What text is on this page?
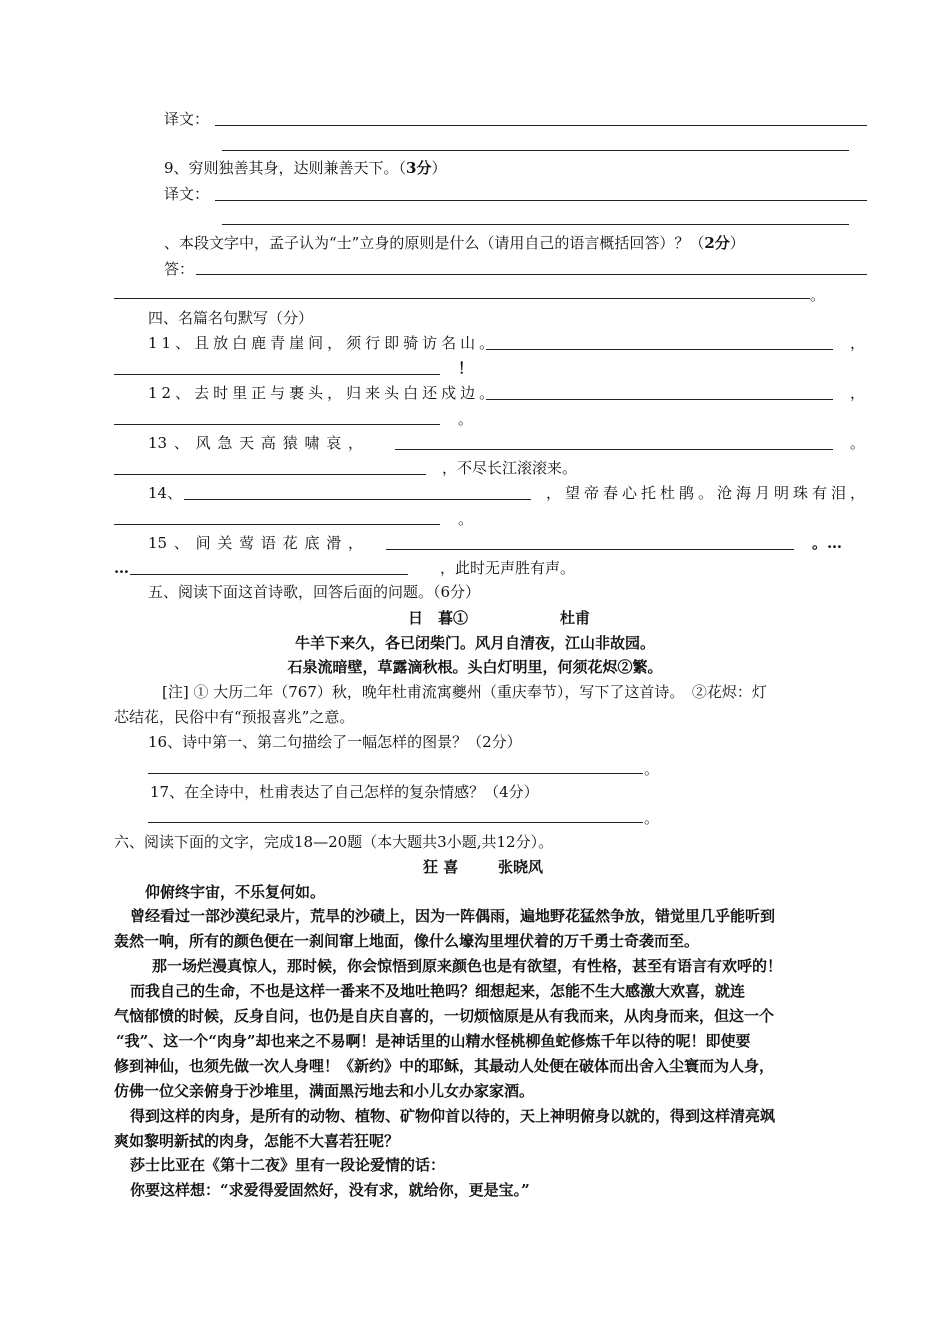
译文：
9、穷则独善其身，达则兼善天下。（3分）
译文：
、本段文字中，孟子认为“士”立身的原则是什么（请用自己的语言概括回答）？（2分）
答：
。
四、名篇名句默写（分）
11、且放白鹿青崖间，须行即骑访名山。	，
！
12、去时里正与裹头，归来头白还戍边。	，
。
13 、 风 急 天 高 猿 啸 哀 ，	。
，不尽长江滚滚来。
14、	，望帝春心托杜鹃。沧海月明珠有泪，
。
15 、 间 关 莺 语 花 底 滑 ，	。…
…	，此时无声胜有声。
五、阅读下面这首诗歌，回答后面的问题。（6分）
日　暮①	杜甫
牛羊下来久，各已闭柴门。风月自清夜，江山非故园。
石泉流暗壁，草露滴秋根。头白灯明里，何须花烬②繁。
[注] ① 大历二年（767）秋，晚年杜甫流寓夔州（重庆奉节），写下了这首诗。　②花烬：灯
芯结花，民俗中有“预报喜兆”之意。
16、诗中第一、第二句描绘了一幅怎样的图景？（2分）
。
17、在全诗中，杜甫表达了自己怎样的复杂情感？（4分）
。
六、阅读下面的文字，完成18—20题（本大题共3小题,共12分）。
狂 喜	张晓风
仰俯终宇宙，不乐复何如。
曾经看过一部沙漠纪录片，荒旱的沙碛上，因为一阵偶雨，遍地野花猛然争放，错觉里几乎能听到
轰然一响，所有的颜色便在一刹间窜上地面，像什么壕沟里埋伏着的万千勇士奇袭而至。
那一场烂漫真惊人，那时候，你会惊悟到原来颜色也是有欲望，有性格，甚至有语言有欢呼的！
而我自己的生命，不也是这样一番来不及地吐艳吗？细想起来，怎能不生大感激大欢喜，就连
气恼郁愤的时候，反身自问，也仍是自庆自喜的，一切烦恼原是从有我而来，从肉身而来，但这一个
“我”、这一个“肉身”却也来之不易啊！是神话里的山精水怪桃柳鱼蛇修炼千年以待的呢！即使要
修到神仙，也须先做一次人身哩！《新约》中的耶稣，其最动人处便在破体而出舍入尘寰而为人身，
仿佛一位父亲俯身于沙堆里，满面黑污地去和小儿女办家家酒。
得到这样的肉身，是所有的动物、植物、矿物仰首以待的，天上神明俯身以就的，得到这样清亮飒
爽如黎明新拭的肉身，怎能不大喜若狂呢？
莎士比亚在《第十二夜》里有一段论爱情的话：
你要这样想：“求爱得爱固然好，没有求，就给你，更是宝。”
